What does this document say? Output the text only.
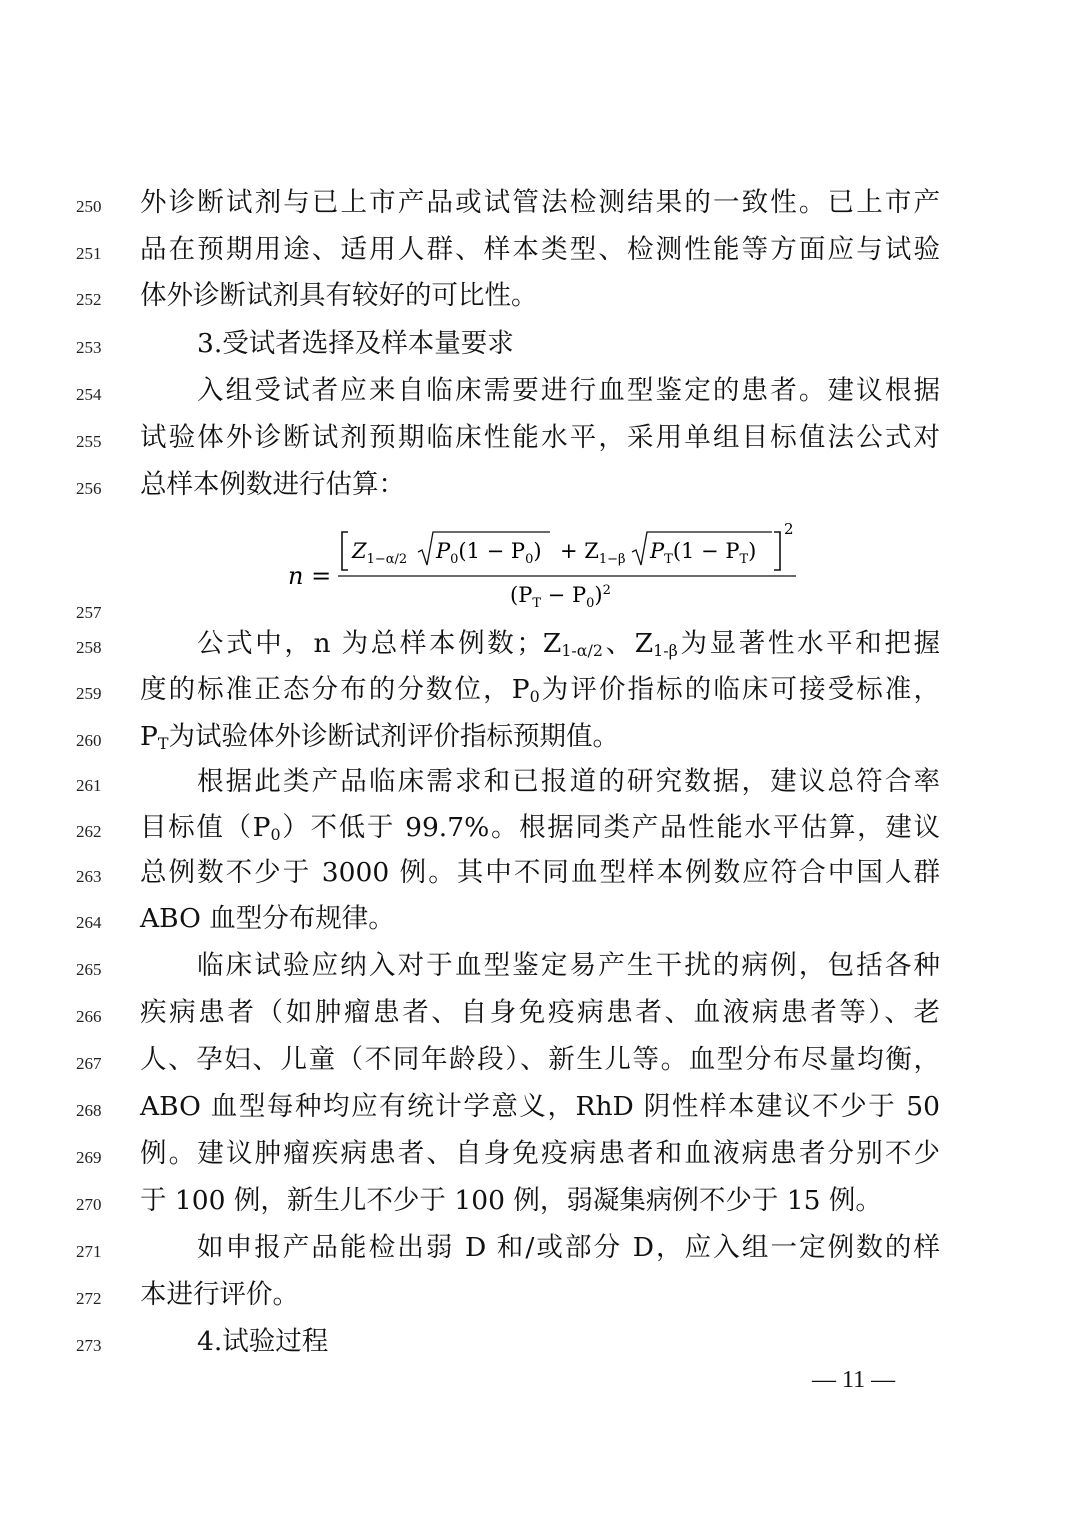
250 外诊断试剂与已上市产品或试管法检测结果的一致性。已上市产
251 品在预期用途、适用人群、样本类型、检测性能等方面应与试验
252 体外诊断试剂具有较好的可比性。
253	3.受试者选择及样本量要求
254	入组受试者应来自临床需要进行血型鉴定的患者。建议根据
255 试验体外诊断试剂预期临床性能水平，采用单组目标值法公式对
256 总样本例数进行估算：
n =
$Z_{1-\alpha/2}$ $P_0(1 - P_0) + Z_{1-\beta}$ $P_T(1 - P_T)$
2
$(P_T - P_0)^2$
257
258	公式中，n 为总样本例数；$Z_{1-\alpha/2}$、$Z_{1-\beta}$为显著性水平和把握
259 度的标准正态分布的分数位，$P_0$为评价指标的临床可接受标准，
260 $P_T$为试验体外诊断试剂评价指标预期值。
261	根据此类产品临床需求和已报道的研究数据，建议总符合率
262 目标值$(P_0)$不低于 99.7%。根据同类产品性能水平估算，建议
263 总例数不少于 3000 例。其中不同血型样本例数应符合中国人群
264 ABO 血型分布规律。
265	临床试验应纳入对于血型鉴定易产生干扰的病例，包括各种
266 疾病患者（如肿瘤患者、自身免疫病患者、血液病患者等）、老
267 人、孕妇、儿童（不同年龄段）、新生儿等。血型分布尽量均衡，
268 ABO 血型每种均应有统计学意义，RhD 阴性样本建议不少于 50
269 例。建议肿瘤疾病患者、自身免疫病患者和血液病患者分别不少
270 于 100 例，新生儿不少于 100 例，弱凝集病例不少于 15 例。
271	如申报产品能检出弱 D 和/或部分 D，应入组一定例数的样
272 本进行评价。
273	4.试验过程
— 11 —
